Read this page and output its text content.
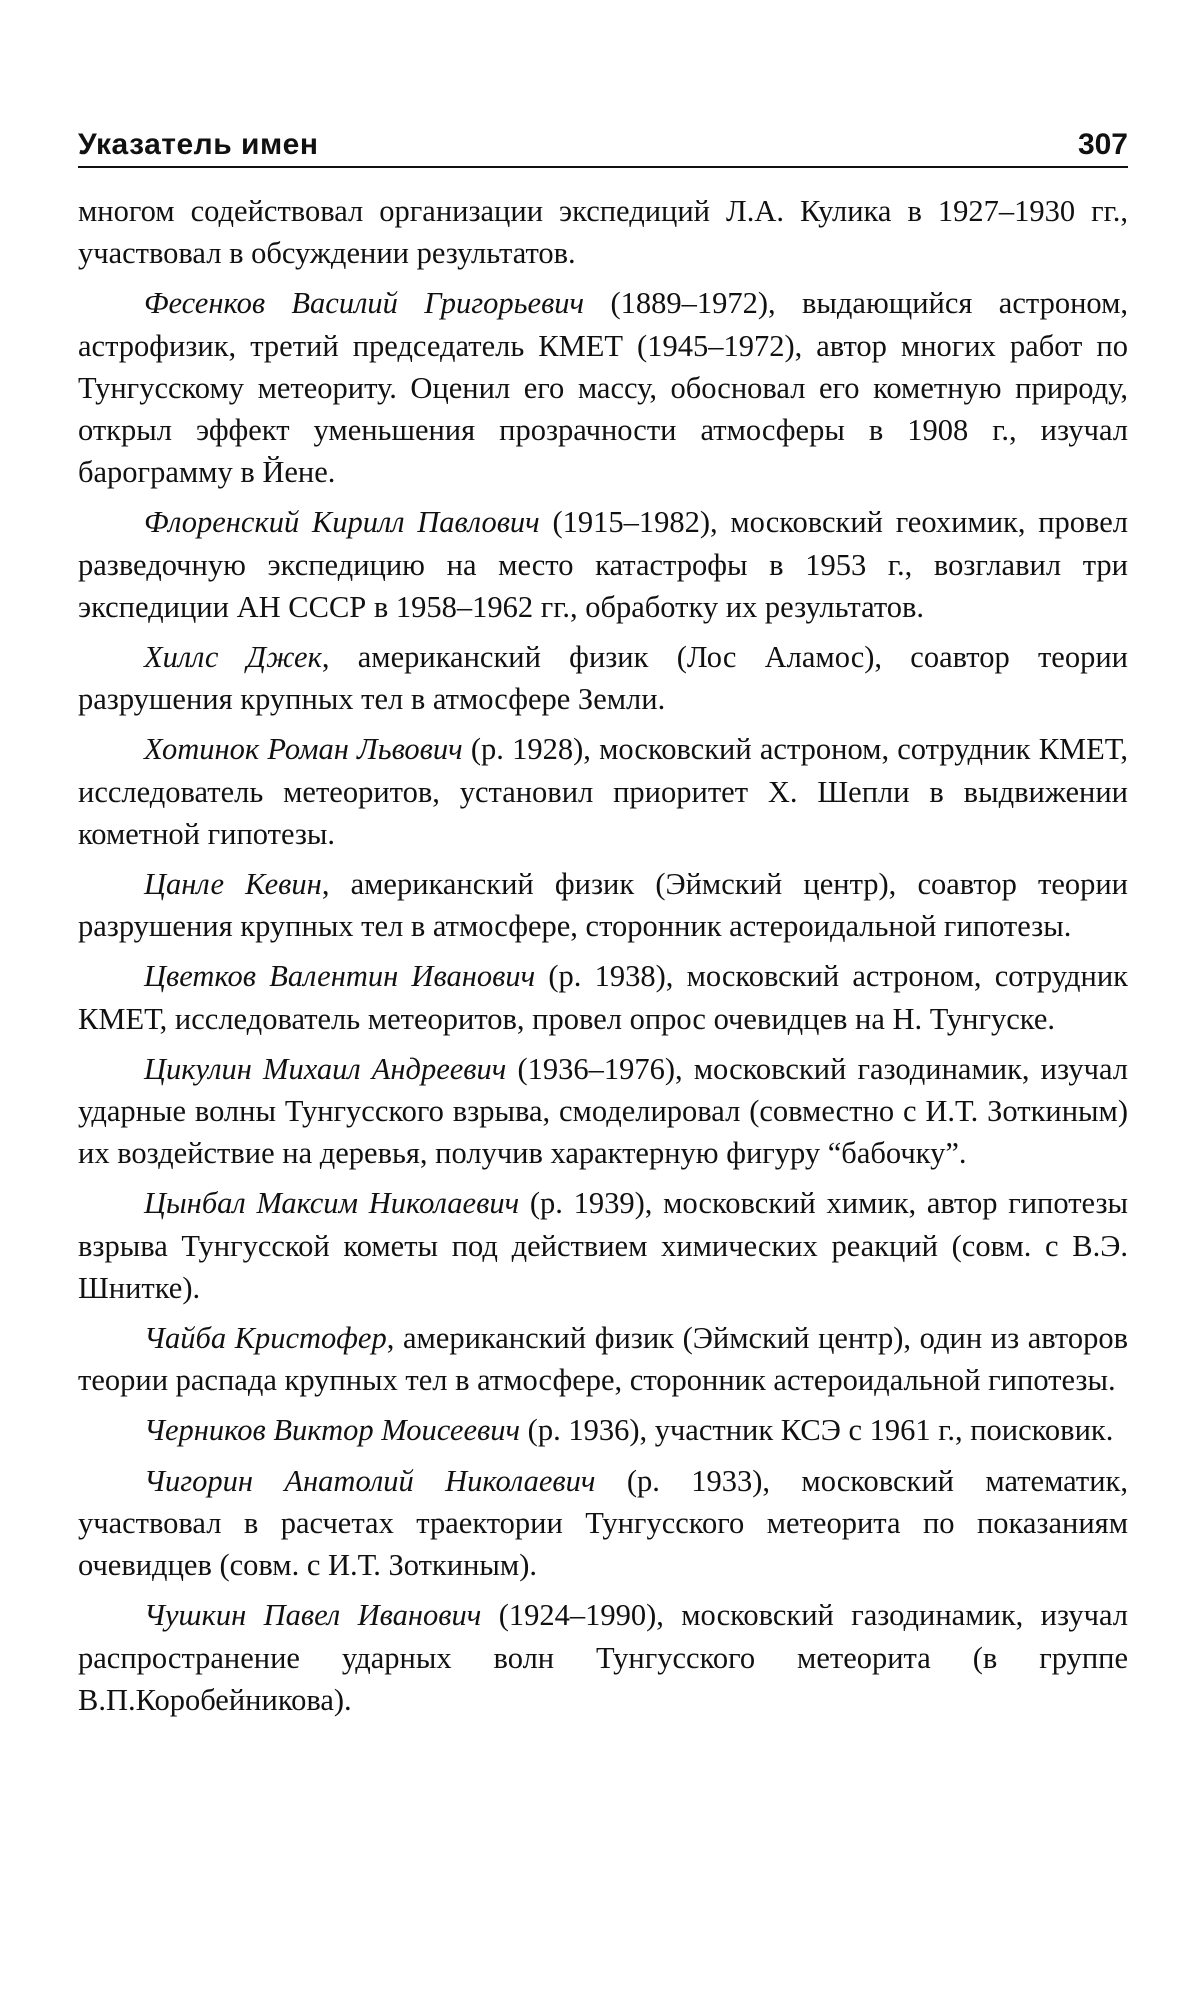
Указатель имен	307

многом содействовал организации экспедиций Л.А. Кулика в 1927–1930 гг., участвовал в обсуждении результатов.

Фесенков Василий Григорьевич (1889–1972), выдающийся астроном, астрофизик, третий председатель КМЕТ (1945–1972), автор многих работ по Тунгусскому метеориту. Оценил его массу, обосновал его кометную природу, открыл эффект уменьшения прозрачности атмосферы в 1908 г., изучал барограмму в Йене.

Флоренский Кирилл Павлович (1915–1982), московский геохимик, провел разведочную экспедицию на место катастрофы в 1953 г., возглавил три экспедиции АН СССР в 1958–1962 гг., обработку их результатов.

Хиллс Джек, американский физик (Лос Аламос), соавтор теории разрушения крупных тел в атмосфере Земли.

Хотинок Роман Львович (р. 1928), московский астроном, сотрудник КМЕТ, исследователь метеоритов, установил приоритет Х. Шепли в выдвижении кометной гипотезы.

Цанле Кевин, американский физик (Эймский центр), соавтор теории разрушения крупных тел в атмосфере, сторонник астероидальной гипотезы.

Цветков Валентин Иванович (р. 1938), московский астроном, сотрудник КМЕТ, исследователь метеоритов, провел опрос очевидцев на Н. Тунгуске.

Цикулин Михаил Андреевич (1936–1976), московский газодинамик, изучал ударные волны Тунгусского взрыва, смоделировал (совместно с И.Т. Зоткиным) их воздействие на деревья, получив характерную фигуру “бабочку”.

Цынбал Максим Николаевич (р. 1939), московский химик, автор гипотезы взрыва Тунгусской кометы под действием химических реакций (совм. с В.Э. Шнитке).

Чайба Кристофер, американский физик (Эймский центр), один из авторов теории распада крупных тел в атмосфере, сторонник астероидальной гипотезы.

Черников Виктор Моисеевич (р. 1936), участник КСЭ с 1961 г., поисковик.

Чигорин Анатолий Николаевич (р. 1933), московский математик, участвовал в расчетах траектории Тунгусского метеорита по показаниям очевидцев (совм. с И.Т. Зоткиным).

Чушкин Павел Иванович (1924–1990), московский газодинамик, изучал распространение ударных волн Тунгусского метеорита (в группе В.П.Коробейникова).
